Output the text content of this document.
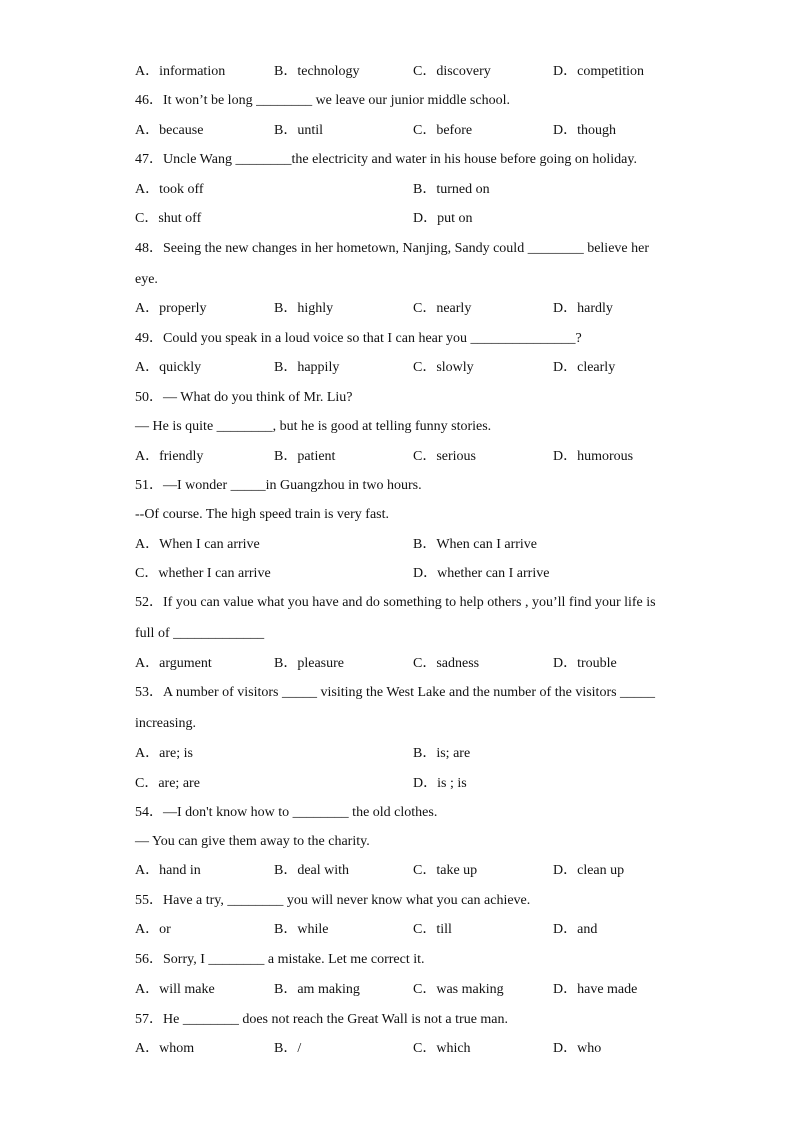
A．information	B．technology	C．discovery	D．competition
46．It won’t be long ________ we leave our junior middle school.
A．because	B．until	C．before	D．though
47．Uncle Wang ________the electricity and water in his house before going on holiday.
A．took off	B．turned on
C．shut off	D．put on
48．Seeing the new changes in her hometown, Nanjing, Sandy could ________ believe her
eye.
A．properly	B．highly	C．nearly	D．hardly
49．Could you speak in a loud voice so that I can hear you _______________?
A．quickly	B．happily	C．slowly	D．clearly
50．— What do you think of Mr. Liu?
— He is quite ________, but he is good at telling funny stories.
A．friendly	B．patient	C．serious	D．humorous
51．—I wonder _____in Guangzhou in two hours.
--Of course. The high speed train is very fast.
A．When I can arrive	B．When can I arrive
C．whether I can arrive	D．whether can I arrive
52．If you can value what you have and do something to help others , you’ll find your life is
full of _____________
A．argument	B．pleasure	C．sadness	D．trouble
53．A number of visitors _____ visiting the West Lake and the number of the visitors _____
increasing.
A．are; is	B．is; are
C．are; are	D．is ; is
54．—I don't know how to ________ the old clothes.
— You can give them away to the charity.
A．hand in	B．deal with	C．take up	D．clean up
55．Have a try, ________ you will never know what you can achieve.
A．or	B．while	C．till	D．and
56．Sorry, I ________ a mistake. Let me correct it.
A．will make	B．am making	C．was making	D．have made
57．He ________ does not reach the Great Wall is not a true man.
A．whom	B．/	C．which	D．who
